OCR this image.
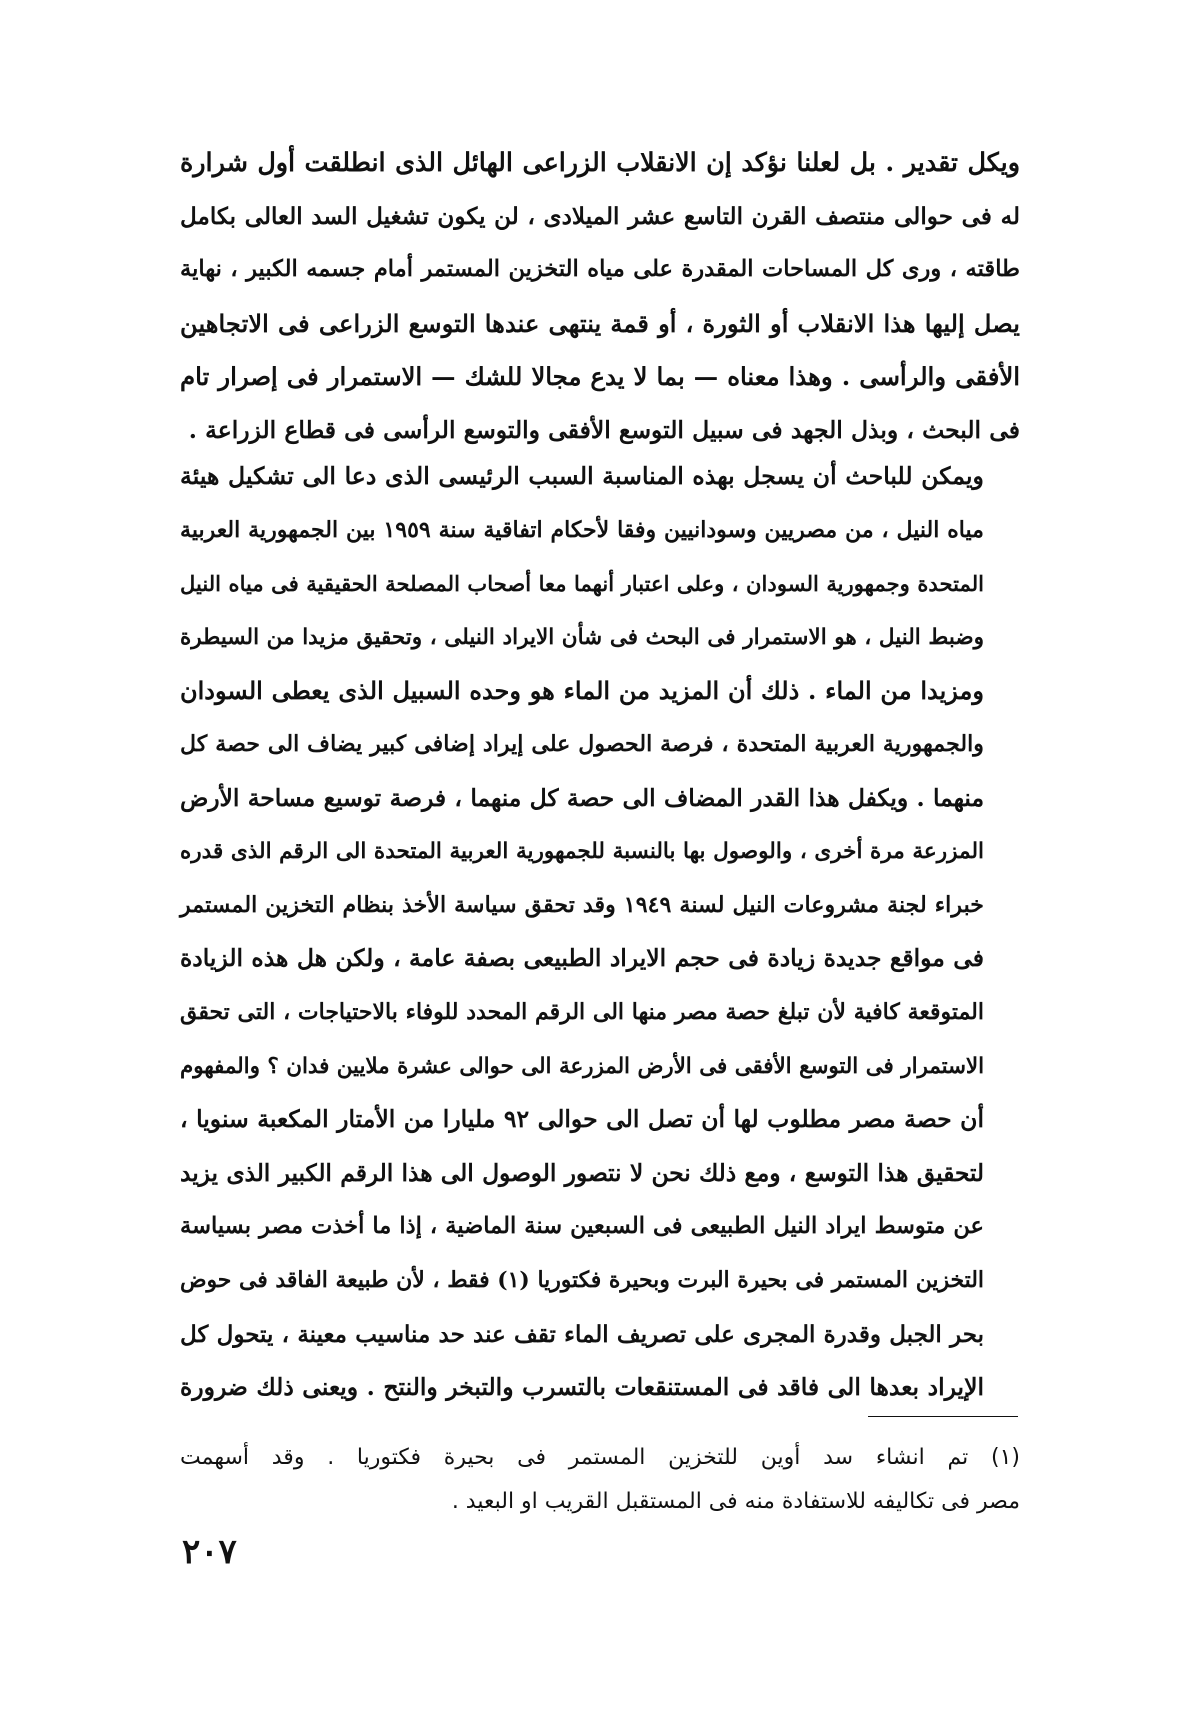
ويكل تقدير . بل لعلنا نؤكد إن الانقلاب الزراعى الهائل الذى انطلقت أول شرارة
له فى حوالى منتصف القرن التاسع عشر الميلادى ، لن يكون تشغيل السد العالى بكامل
طاقته ، ورى كل المساحات المقدرة على مياه التخزين المستمر أمام جسمه الكبير ، نهاية
يصل إليها هذا الانقلاب أو الثورة ، أو قمة ينتهى عندها التوسع الزراعى فى الاتجاهين
الأفقى والرأسى . وهذا معناه — بما لا يدع مجالا للشك — الاستمرار فى إصرار تام
فى البحث ، وبذل الجهد فى سبيل التوسع الأفقى والتوسع الرأسى فى قطاع الزراعة .
ويمكن للباحث أن يسجل بهذه المناسبة السبب الرئيسى الذى دعا الى تشكيل هيئة
مياه النيل ، من مصريين وسودانيين وفقا لأحكام اتفاقية سنة ١٩٥٩ بين الجمهورية العربية
المتحدة وجمهورية السودان ، وعلى اعتبار أنهما معا أصحاب المصلحة الحقيقية فى مياه النيل
وضبط النيل ، هو الاستمرار فى البحث فى شأن الايراد النيلى ، وتحقيق مزيدا من السيطرة
ومزيدا من الماء . ذلك أن المزيد من الماء هو وحده السبيل الذى يعطى السودان
والجمهورية العربية المتحدة ، فرصة الحصول على إيراد إضافى كبير يضاف الى حصة كل
منهما . ويكفل هذا القدر المضاف الى حصة كل منهما ، فرصة توسيع مساحة الأرض
المزرعة مرة أخرى ، والوصول بها بالنسبة للجمهورية العربية المتحدة الى الرقم الذى قدره
خبراء لجنة مشروعات النيل لسنة ١٩٤٩ وقد تحقق سياسة الأخذ بنظام التخزين المستمر
فى مواقع جديدة زيادة فى حجم الايراد الطبيعى بصفة عامة ، ولكن هل هذه الزيادة
المتوقعة كافية لأن تبلغ حصة مصر منها الى الرقم المحدد للوفاء بالاحتياجات ، التى تحقق
الاستمرار فى التوسع الأفقى فى الأرض المزرعة الى حوالى عشرة ملايين فدان ؟ والمفهوم
أن حصة مصر مطلوب لها أن تصل الى حوالى ٩٢ مليارا من الأمتار المكعبة سنويا ،
لتحقيق هذا التوسع ، ومع ذلك نحن لا نتصور الوصول الى هذا الرقم الكبير الذى يزيد
عن متوسط ايراد النيل الطبيعى فى السبعين سنة الماضية ، إذا ما أخذت مصر بسياسة
التخزين المستمر فى بحيرة البرت وبحيرة فكتوريا (١) فقط ، لأن طبيعة الفاقد فى حوض
بحر الجبل وقدرة المجرى على تصريف الماء تقف عند حد مناسيب معينة ، يتحول كل
الإيراد بعدها الى فاقد فى المستنقعات بالتسرب والتبخر والنتح . ويعنى ذلك ضرورة
(١) تم انشاء سد أوين للتخزين المستمر فى بحيرة فكتوريا . وقد أسهمت
مصر فى تكاليفه للاستفادة منه فى المستقبل القريب او البعيد .
٢٠٧
